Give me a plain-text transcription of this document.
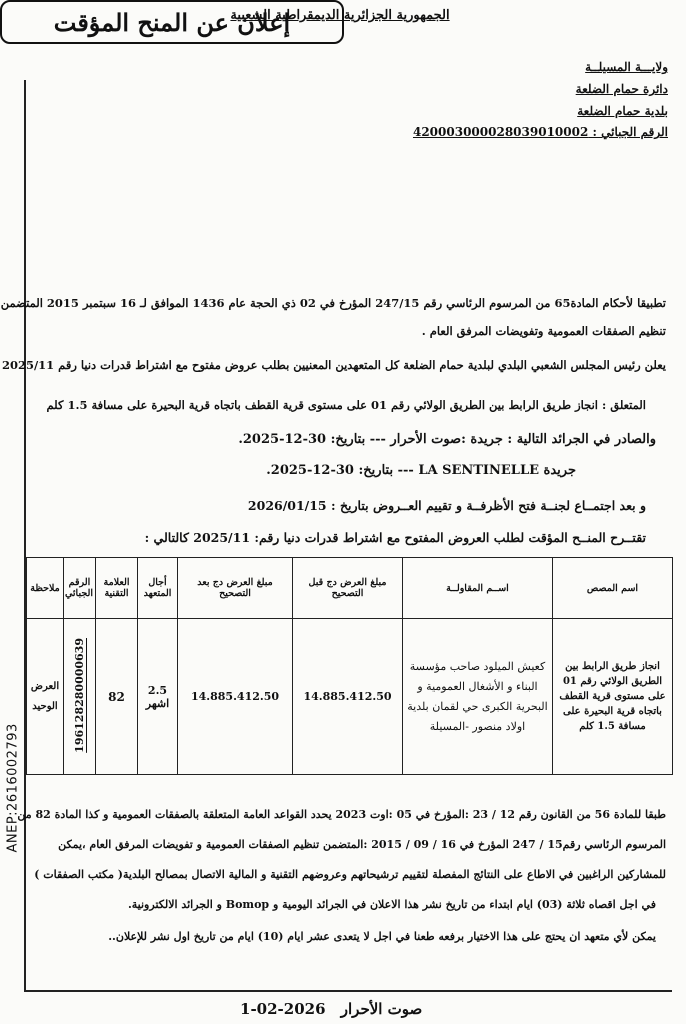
الجمهورية الجزائرية الديمقراطية الشعبية
ولايـــة المسيلــة
دائرة حمام الضلعة
بلدية حمام الضلعة
الرقم الجبائي : 420003000028039010002
إعلان عن المنح المؤقت
تطبيقا لأحكام المادة65 من المرسوم الرئاسي رقم 247/15 المؤرخ في 02 ذي الحجة عام 1436 الموافق لـ 16 سبتمبر 2015 المتضمن
تنظيم الصفقات العمومية وتفويضات المرفق العام .
يعلن رئيس المجلس الشعبي البلدي لبلدية حمام الضلعة كل المتعهدين المعنيين بطلب عروض مفتوح مع اشتراط قدرات دنيا رقم 2025/11
المتعلق : انجاز طريق الرابط بين الطريق الولائي رقم 01 على مستوى قرية القطف باتجاه قرية البحيرة على مسافة 1.5 كلم
والصادر في الجرائد التالية : جريدة :صوت الأحرار --- بتاريخ: 30-12-2025.
جريدة LA SENTINELLE --- بتاريخ: 30-12-2025.
و بعد اجتمــاع لجنــة فتح الأظرفــة و تقييم العــروض بتاريخ : 2026/01/15
تقتــرح المنــح المؤقت لطلب العروض المفتوح مع اشتراط قدرات دنيا رقم: 2025/11 كالتالي :
اسم المصص	اســم المقاولــة	مبلغ العرض دج قبل التصحيح	مبلغ العرض دج بعد التصحيح	أجال المتعهد	العلامة التقنية	الرقم الجبائي	ملاحظة
انجاز طريق الرابط بين الطريق الولائي رقم 01 على مستوى قرية القطف باتجاه قرية البحيرة على مسافة 1.5 كلم	كعيش الميلود صاحب مؤسسة البناء و الأشغال العمومية و البحرية الكبرى حي لقمان بلدية اولاد منصور -المسيلة	14.885.412.50	14.885.412.50	2.5 اشهر	82	196128280000639	العرض الوحيد
طبقا للمادة 56 من القانون رقم 12 / 23 :المؤرخ في 05 :اوت 2023 يحدد القواعد العامة المتعلقة بالصفقات العمومية و كذا المادة 82 من
المرسوم الرئاسي رقم15 / 247 المؤرخ في 16 / 09 / 2015 :المتضمن تنظيم الصفقات العمومية و تفويضات المرفق العام ،يمكن
للمشاركين الراغبين في الاطاع على النتائج المفصلة لتقييم ترشيحاتهم وعروضهم التقنية و المالية الاتصال بمصالح البلدية( مكتب الصفقات )
في اجل اقصاه ثلاثة (03) ايام ابتداء من تاريخ نشر هذا الاعلان في الجرائد اليومية و Bomop و الجرائد الالكترونية.
يمكن لأي متعهد ان يحتج على هذا الاختيار برفعه طعنا في اجل لا يتعدى عشر ايام (10) ايام من تاريخ اول نشر للإعلان..
ANEP:2616002793
صوت الأحرار 2026-02-1
